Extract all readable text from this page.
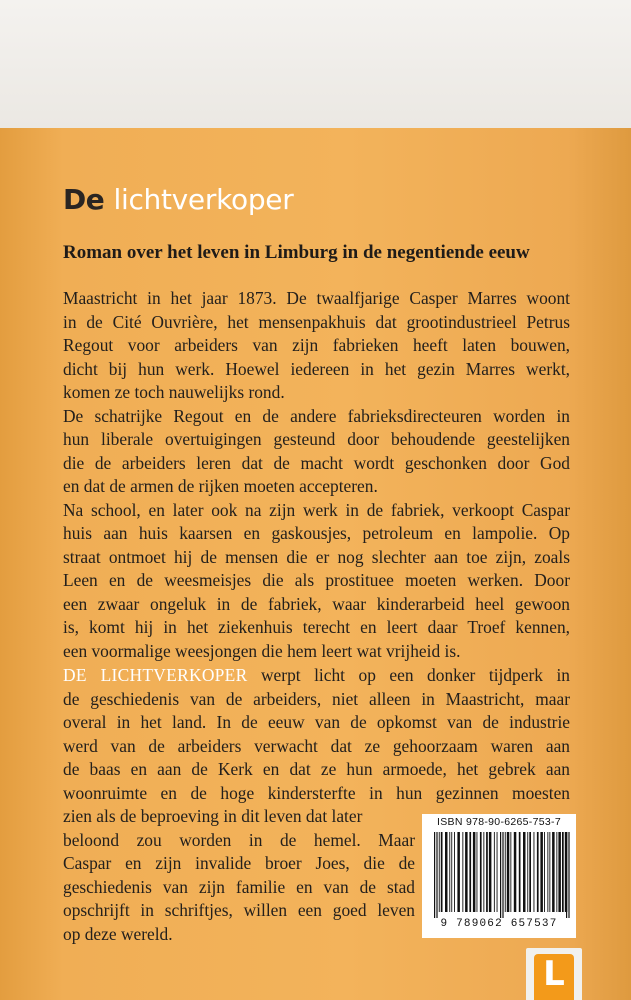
De lichtverkoper
Roman over het leven in Limburg in de negentiende eeuw

Maastricht in het jaar 1873. De twaalfjarige Casper Marres woont

in de Cité Ouvrière, het mensenpakhuis dat grootindustrieel Petrus

Regout voor arbeiders van zijn fabrieken heeft laten bouwen,

dicht bij hun werk. Hoewel iedereen in het gezin Marres werkt,

komen ze toch nauwelijks rond.

De schatrijke Regout en de andere fabrieksdirecteuren worden in

hun liberale overtuigingen gesteund door behoudende geestelijken

die de arbeiders leren dat de macht wordt geschonken door God

en dat de armen de rijken moeten accepteren.

Na school, en later ook na zijn werk in de fabriek, verkoopt Caspar

huis aan huis kaarsen en gaskousjes, petroleum en lampolie. Op

straat ontmoet hij de mensen die er nog slechter aan toe zijn, zoals

Leen en de weesmeisjes die als prostituee moeten werken. Door

een zwaar ongeluk in de fabriek, waar kinderarbeid heel gewoon

is, komt hij in het ziekenhuis terecht en leert daar Troef kennen,

een voormalige weesjongen die hem leert wat vrijheid is.

DE LICHTVERKOPER werpt licht op een donker tijdperk in

de geschiedenis van de arbeiders, niet alleen in Maastricht, maar

overal in het land. In de eeuw van de opkomst van de industrie

werd van de arbeiders verwacht dat ze gehoorzaam waren aan

de baas en aan de Kerk en dat ze hun armoede, het gebrek aan

woonruimte en de hoge kindersterfte in hun gezinnen moesten

zien als de beproeving in dit leven dat later

beloond zou worden in de hemel. Maar

Caspar en zijn invalide broer Joes, die de

geschiedenis van zijn familie en van de stad

opschrijft in schriftjes, willen een goed leven

op deze wereld.

ISBN 978-90-6265-753-7
9 789062 657537
L
